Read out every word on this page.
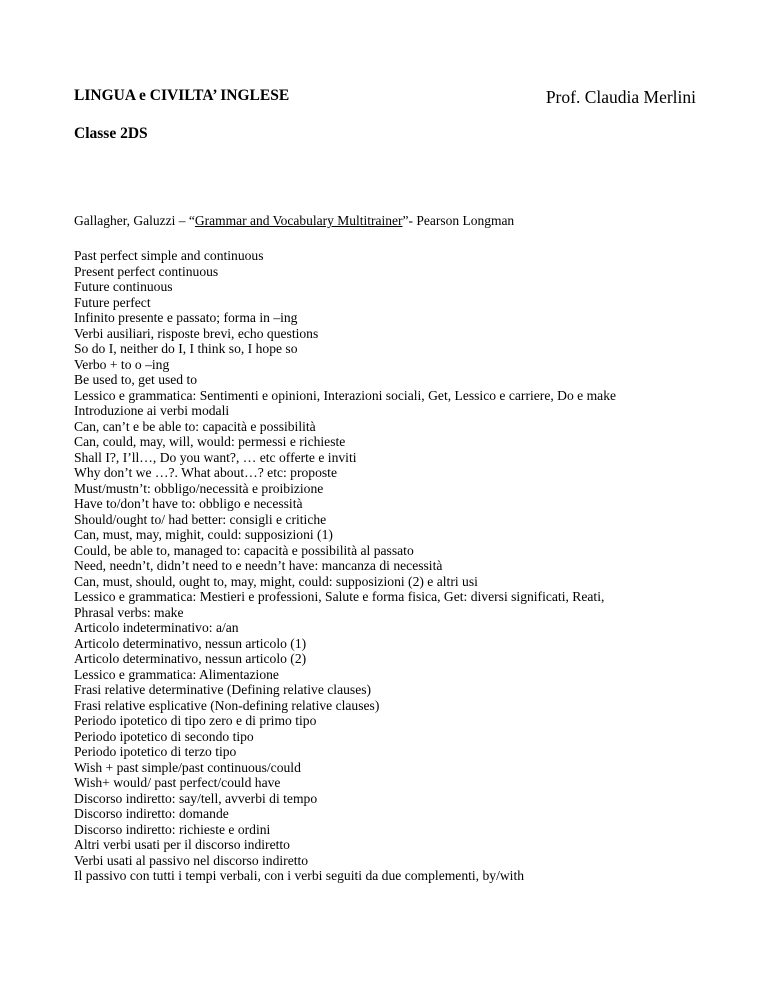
LINGUA e CIVILTA’ INGLESE	Prof. Claudia Merlini
Classe 2DS
Gallagher, Galuzzi – “Grammar and Vocabulary Multitrainer”- Pearson Longman
Past perfect simple and continuous
Present perfect continuous
Future continuous
Future perfect
Infinito presente e passato; forma in –ing
Verbi ausiliari, risposte brevi, echo questions
So do I, neither do I, I think so, I hope so
Verbo + to o –ing
Be used to, get used to
Lessico e grammatica: Sentimenti e opinioni, Interazioni sociali, Get, Lessico e carriere, Do e make
Introduzione ai verbi modali
Can, can’t e be able to: capacità e possibilità
Can, could, may, will, would: permessi e richieste
Shall I?, I’ll…, Do you want?, … etc offerte e inviti
Why don’t we …?. What about…? etc: proposte
Must/mustn’t: obbligo/necessità e proibizione
Have to/don’t have to: obbligo e necessità
Should/ought to/ had better: consigli e critiche
Can, must, may, mighit, could: supposizioni (1)
Could, be able to, managed to: capacità e possibilità al passato
Need, needn’t, didn’t need to e needn’t have: mancanza di necessità
Can, must, should, ought to, may, might, could: supposizioni (2) e altri usi
Lessico e grammatica: Mestieri e professioni, Salute e forma fisica, Get: diversi significati, Reati,
Phrasal verbs: make
Articolo indeterminativo: a/an
Articolo determinativo, nessun articolo (1)
Articolo determinativo, nessun articolo (2)
Lessico e grammatica: Alimentazione
Frasi relative determinative (Defining relative clauses)
Frasi relative esplicative (Non-defining relative clauses)
Periodo ipotetico di tipo zero e di primo tipo
Periodo ipotetico di secondo tipo
Periodo ipotetico di terzo tipo
Wish + past simple/past continuous/could
Wish+ would/ past perfect/could have
Discorso indiretto: say/tell, avverbi di tempo
Discorso indiretto: domande
Discorso indiretto: richieste e ordini
Altri verbi usati per il discorso indiretto
Verbi usati al passivo nel discorso indiretto
Il passivo con tutti i tempi verbali, con i verbi seguiti da due complementi, by/with
